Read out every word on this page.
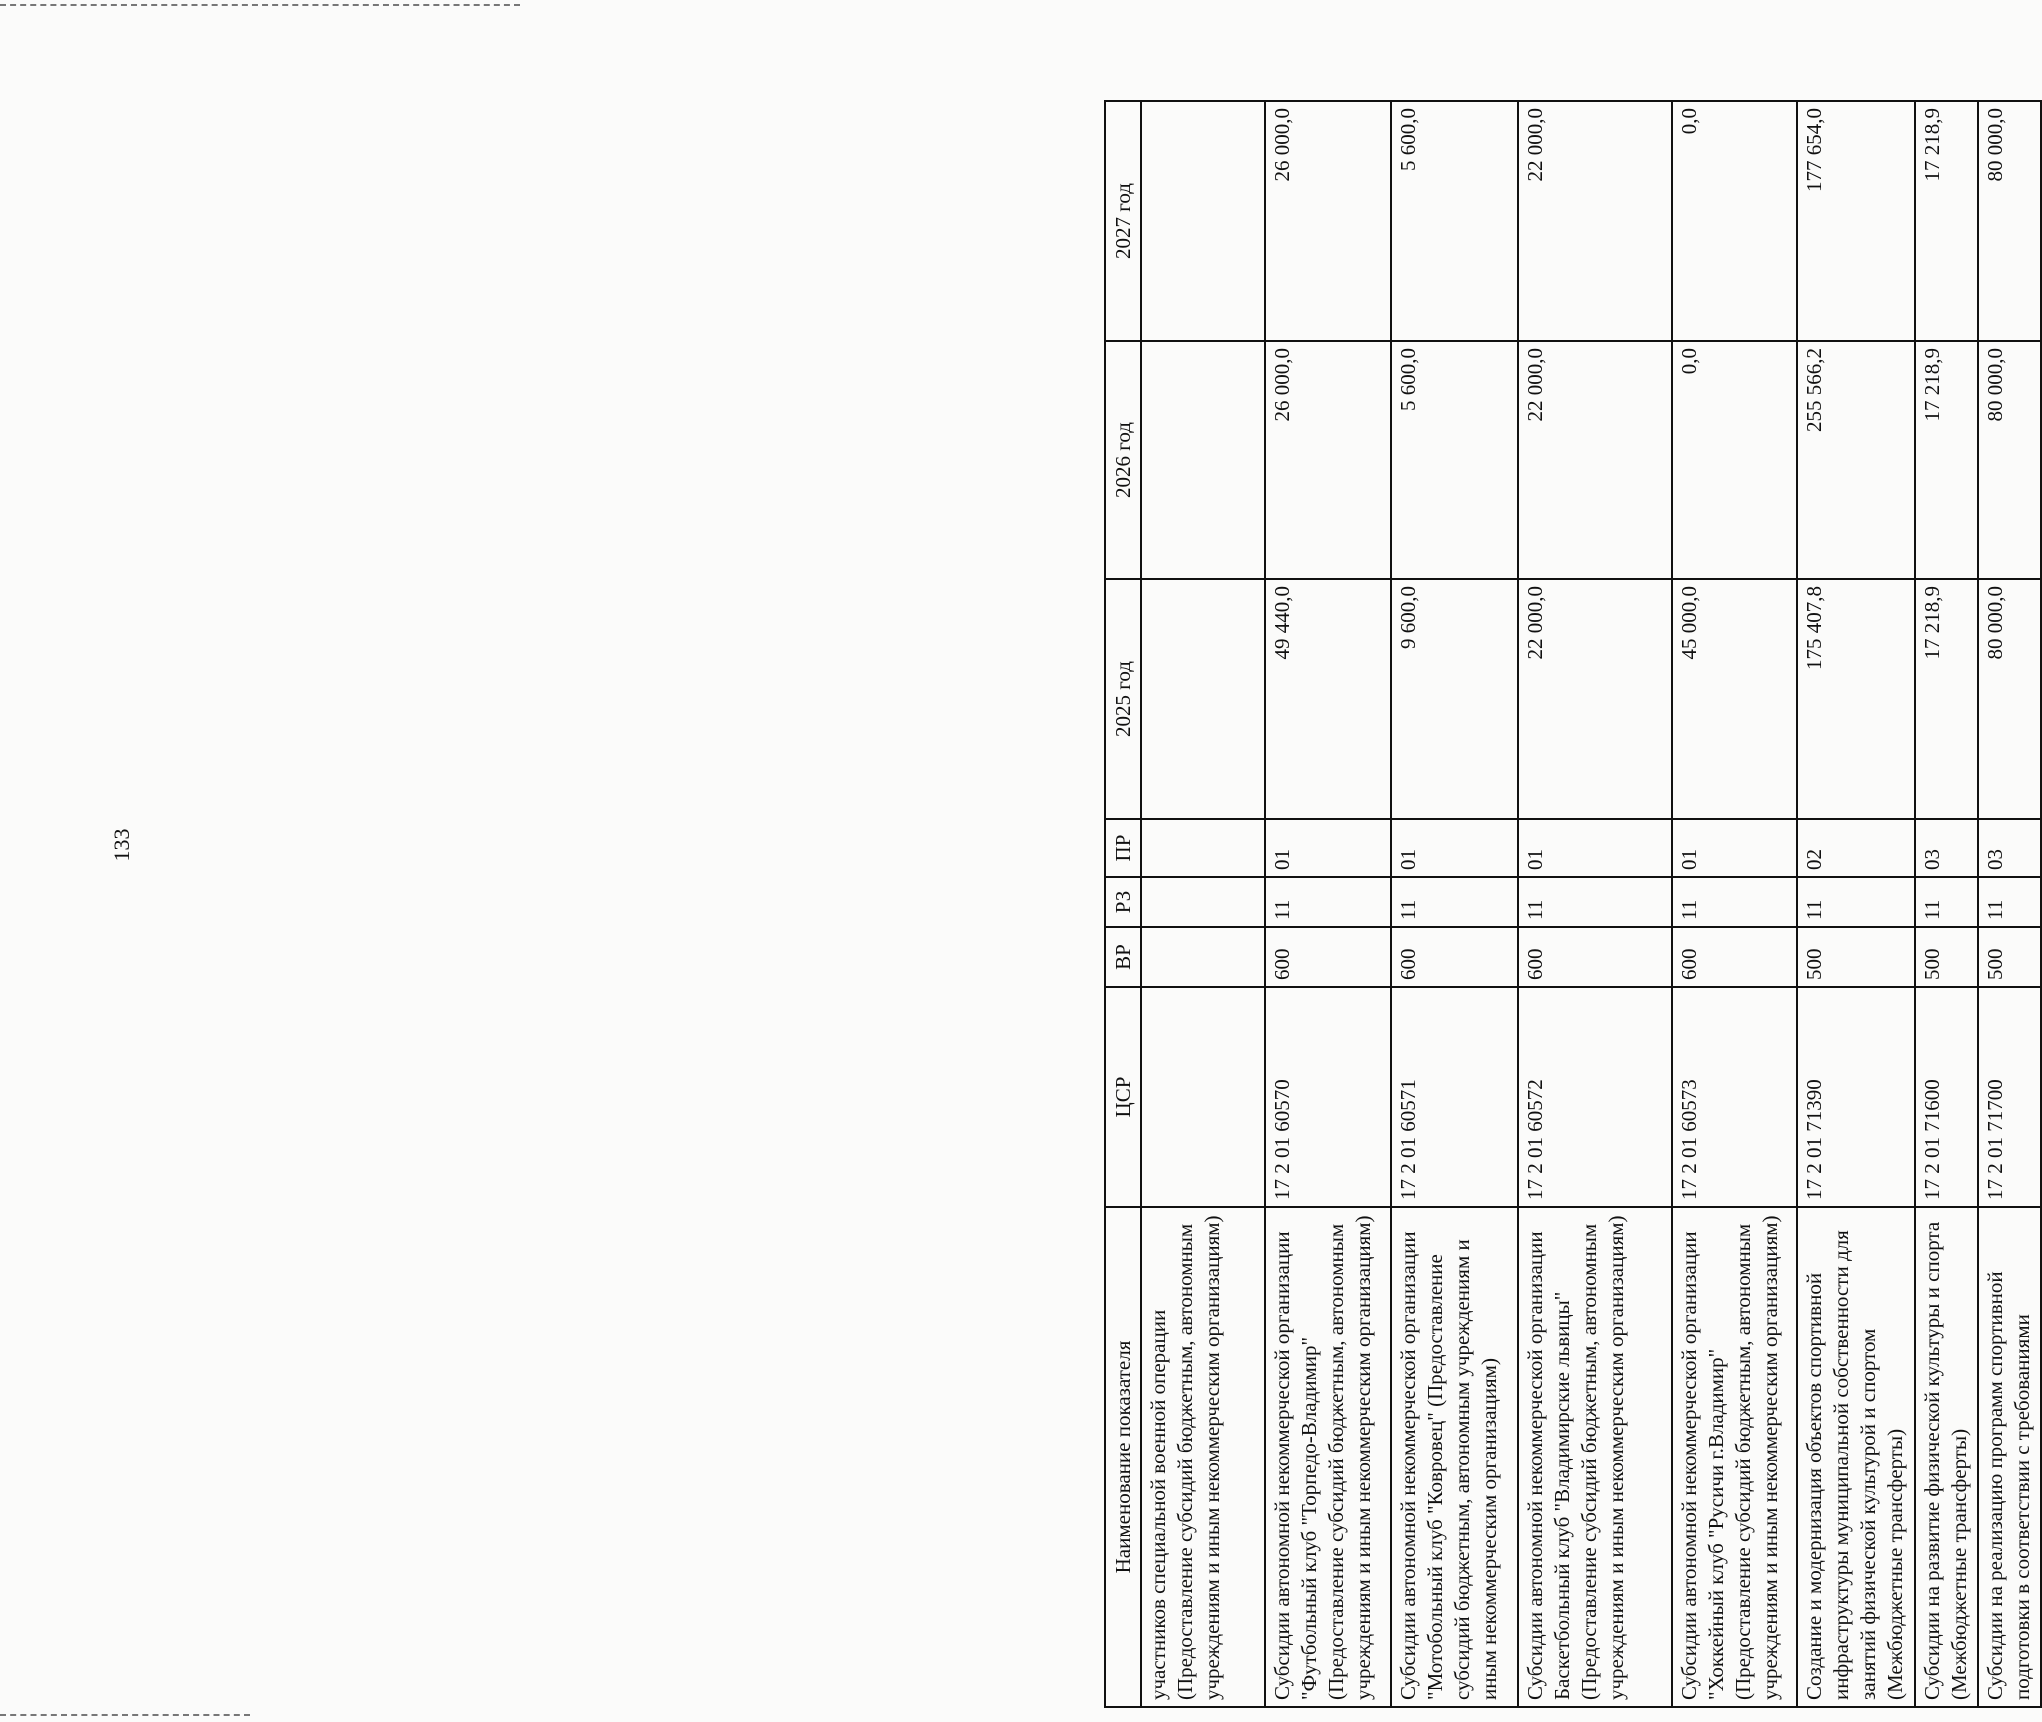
133
Наименование показателя	ЦСР	ВР	РЗ	ПР	2025 год	2026 год	2027 год
участников специальной военной операции (Предоставление субсидий бюджетным, автономным учреждениям и иным некоммерческим организациям)							
Субсидии автономной некоммерческой организации "Футбольный клуб "Торпедо-Владимир" (Предоставление субсидий бюджетным, автономным учреждениям и иным некоммерческим организациям)	17 2 01 60570	600	11	01	49 440,0	26 000,0	26 000,0
Субсидии автономной некоммерческой организации "Мотобольный клуб "Ковровец" (Предоставление субсидий бюджетным, автономным учреждениям и иным некоммерческим организациям)	17 2 01 60571	600	11	01	9 600,0	5 600,0	5 600,0
Субсидии автономной некоммерческой организации Баскетбольный клуб "Владимирские львицы" (Предоставление субсидий бюджетным, автономным учреждениям и иным некоммерческим организациям)	17 2 01 60572	600	11	01	22 000,0	22 000,0	22 000,0
Субсидии автономной некоммерческой организации "Хоккейный клуб "Русичи г.Владимир" (Предоставление субсидий бюджетным, автономным учреждениям и иным некоммерческим организациям)	17 2 01 60573	600	11	01	45 000,0	0,0	0,0
Создание и модернизация объектов спортивной инфраструктуры муниципальной собственности для занятий физической культурой и спортом (Межбюджетные трансферты)	17 2 01 71390	500	11	02	175 407,8	255 566,2	177 654,0
Субсидии на развитие физической культуры и спорта (Межбюджетные трансферты)	17 2 01 71600	500	11	03	17 218,9	17 218,9	17 218,9
Субсидии на реализацию программ спортивной подготовки в соответствии с требованиями	17 2 01 71700	500	11	03	80 000,0	80 000,0	80 000,0
